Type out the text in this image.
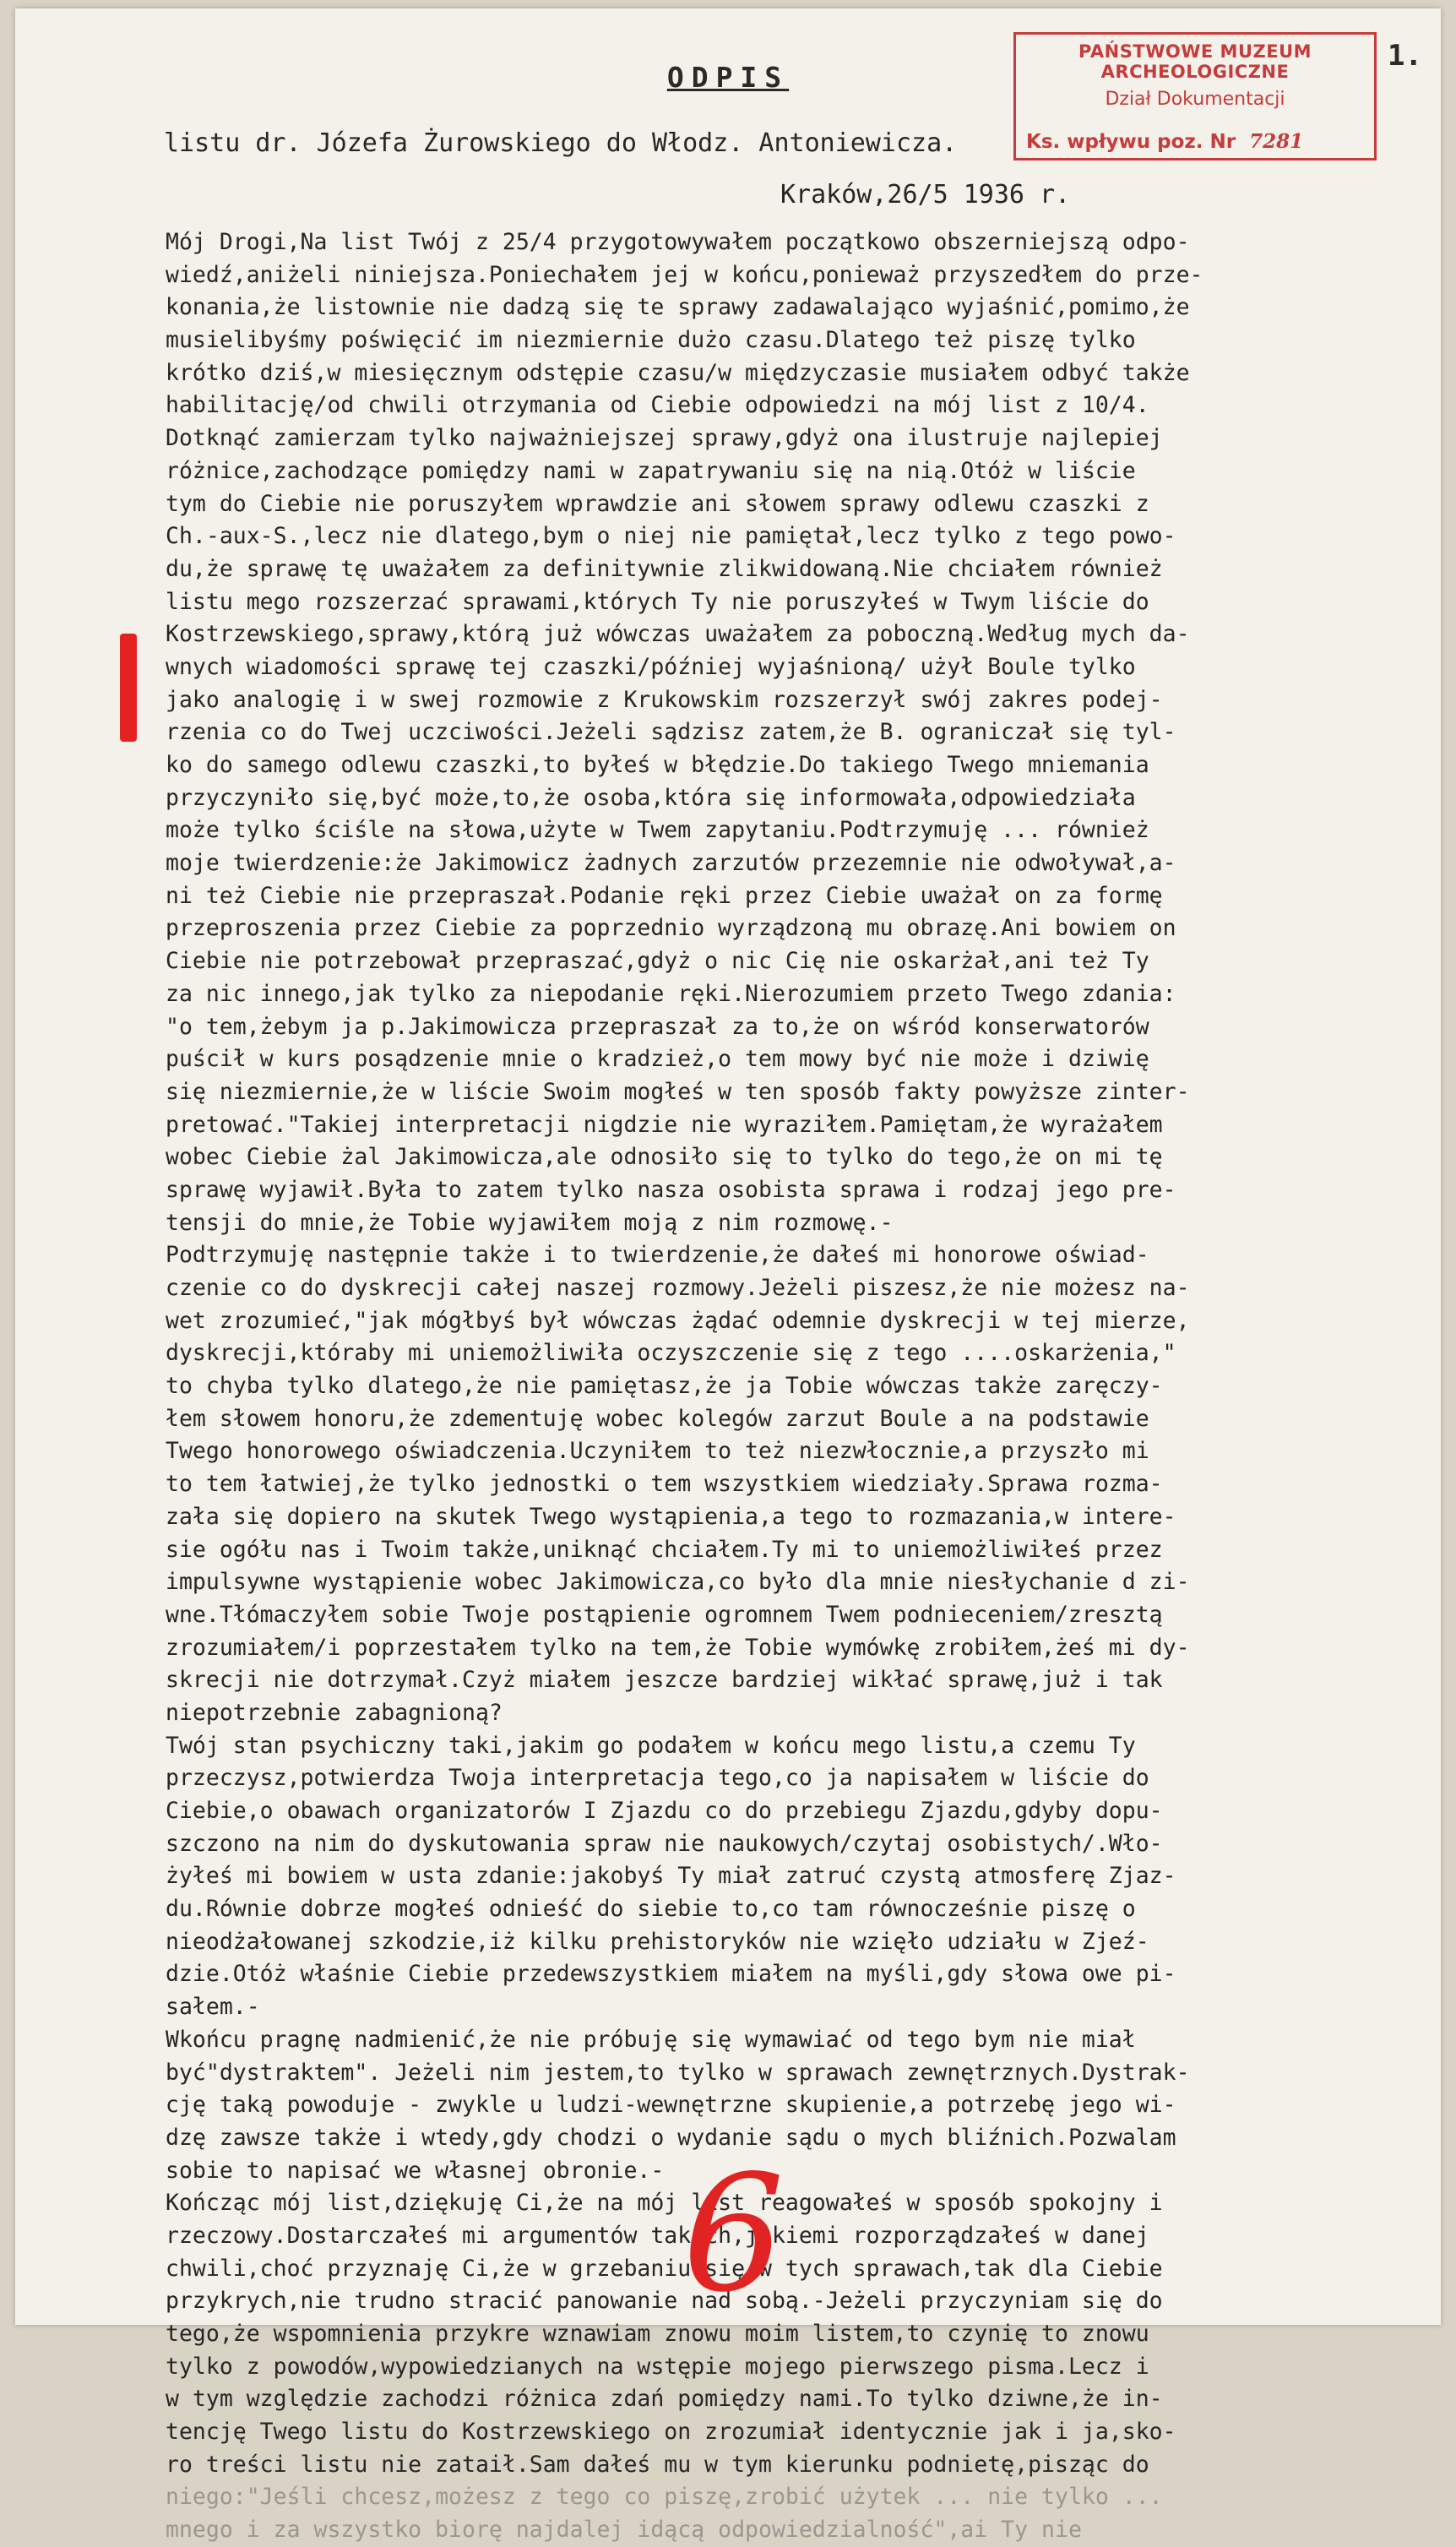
ODPIS
1.
PAŃSTWOWE MUZEUM ARCHEOLOGICZNE
Dział Dokumentacji
Ks. wpływu poz. Nr 7281
listu dr. Józefa Żurowskiego do Włodz. Antoniewicza.
Kraków,26/5 1936 r.
Mój Drogi,Na list Twój z 25/4 przygotowywałem początkowo obszerniejszą odpo-
wiedź,aniżeli niniejsza.Poniechałem jej w końcu,ponieważ przyszedłem do prze-
konania,że listownie nie dadzą się te sprawy zadawalająco wyjaśnić,pomimo,że
musielibyśmy poświęcić im niezmiernie dużo czasu.Dlatego też piszę tylko
krótko dziś,w miesięcznym odstępie czasu/w międzyczasie musiałem odbyć także
habilitację/od chwili otrzymania od Ciebie odpowiedzi na mój list z 10/4.
Dotknąć zamierzam tylko najważniejszej sprawy,gdyż ona ilustruje najlepiej
różnice,zachodzące pomiędzy nami w zapatrywaniu się na nią.Otóż w liście
tym do Ciebie nie poruszyłem wprawdzie ani słowem sprawy odlewu czaszki z
Ch.-aux-S.,lecz nie dlatego,bym o niej nie pamiętał,lecz tylko z tego powo-
du,że sprawę tę uważałem za definitywnie zlikwidowaną.Nie chciałem również
listu mego rozszerzać sprawami,których Ty nie poruszyłeś w Twym liście do
Kostrzewskiego,sprawy,którą już wówczas uważałem za poboczną.Według mych da-
wnych wiadomości sprawę tej czaszki/później wyjaśnioną/ użył Boule tylko
jako analogię i w swej rozmowie z Krukowskim rozszerzył swój zakres podej-
rzenia co do Twej uczciwości.Jeżeli sądzisz zatem,że B. ograniczał się tyl-
ko do samego odlewu czaszki,to byłeś w błędzie.Do takiego Twego mniemania
przyczyniło się,być może,to,że osoba,która się informowała,odpowiedziała
może tylko ściśle na słowa,użyte w Twem zapytaniu.Podtrzymuję ... również
moje twierdzenie:że Jakimowicz żadnych zarzutów przezemnie nie odwoływał,a-
ni też Ciebie nie przepraszał.Podanie ręki przez Ciebie uważał on za formę
przeproszenia przez Ciebie za poprzednio wyrządzoną mu obrazę.Ani bowiem on
Ciebie nie potrzebował przepraszać,gdyż o nic Cię nie oskarżał,ani też Ty
za nic innego,jak tylko za niepodanie ręki.Nierozumiem przeto Twego zdania:
"o tem,żebym ja p.Jakimowicza przepraszał za to,że on wśród konserwatorów
puścił w kurs posądzenie mnie o kradzież,o tem mowy być nie może i dziwię
się niezmiernie,że w liście Swoim mogłeś w ten sposób fakty powyższe zinter-
pretować."Takiej interpretacji nigdzie nie wyraziłem.Pamiętam,że wyrażałem
wobec Ciebie żal Jakimowicza,ale odnosiło się to tylko do tego,że on mi tę
sprawę wyjawił.Była to zatem tylko nasza osobista sprawa i rodzaj jego pre-
tensji do mnie,że Tobie wyjawiłem moją z nim rozmowę.-
Podtrzymuję następnie także i to twierdzenie,że dałeś mi honorowe oświad-
czenie co do dyskrecji całej naszej rozmowy.Jeżeli piszesz,że nie możesz na-
wet zrozumieć,"jak mógłbyś był wówczas żądać odemnie dyskrecji w tej mierze,
dyskrecji,któraby mi uniemożliwiła oczyszczenie się z tego ....oskarżenia,"
to chyba tylko dlatego,że nie pamiętasz,że ja Tobie wówczas także zaręczy-
łem słowem honoru,że zdementuję wobec kolegów zarzut Boule a na podstawie
Twego honorowego oświadczenia.Uczyniłem to też niezwłocznie,a przyszło mi
to tem łatwiej,że tylko jednostki o tem wszystkiem wiedziały.Sprawa rozma-
zała się dopiero na skutek Twego wystąpienia,a tego to rozmazania,w intere-
sie ogółu nas i Twoim także,uniknąć chciałem.Ty mi to uniemożliwiłeś przez
impulsywne wystąpienie wobec Jakimowicza,co było dla mnie niesłychanie d zi-
wne.Tłómaczyłem sobie Twoje postąpienie ogromnem Twem podnieceniem/zresztą
zrozumiałem/i poprzestałem tylko na tem,że Tobie wymówkę zrobiłem,żeś mi dy-
skrecji nie dotrzymał.Czyż miałem jeszcze bardziej wikłać sprawę,już i tak
niepotrzebnie zabagnioną?
Twój stan psychiczny taki,jakim go podałem w końcu mego listu,a czemu Ty
przeczysz,potwierdza Twoja interpretacja tego,co ja napisałem w liście do
Ciebie,o obawach organizatorów I Zjazdu co do przebiegu Zjazdu,gdyby dopu-
szczono na nim do dyskutowania spraw nie naukowych/czytaj osobistych/.Wło-
żyłeś mi bowiem w usta zdanie:jakobyś Ty miał zatruć czystą atmosferę Zjaz-
du.Równie dobrze mogłeś odnieść do siebie to,co tam równocześnie piszę o
nieodżałowanej szkodzie,iż kilku prehistoryków nie wzięło udziału w Zjeź-
dzie.Otóż właśnie Ciebie przedewszystkiem miałem na myśli,gdy słowa owe pi-
sałem.-
Wkońcu pragnę nadmienić,że nie próbuję się wymawiać od tego bym nie miał
być"dystraktem". Jeżeli nim jestem,to tylko w sprawach zewnętrznych.Dystrak-
cję taką powoduje - zwykle u ludzi-wewnętrzne skupienie,a potrzebę jego wi-
dzę zawsze także i wtedy,gdy chodzi o wydanie sądu o mych bliźnich.Pozwalam
sobie to napisać we własnej obronie.-
Kończąc mój list,dziękuję Ci,że na mój list reagowałeś w sposób spokojny i
rzeczowy.Dostarczałeś mi argumentów takich,jakiemi rozporządzałeś w danej
chwili,choć przyznaję Ci,że w grzebaniu się w tych sprawach,tak dla Ciebie
przykrych,nie trudno stracić panowanie nad sobą.-Jeżeli przyczyniam się do
tego,że wspomnienia przykre wznawiam znowu moim listem,to czynię to znowu
tylko z powodów,wypowiedzianych na wstępie mojego pierwszego pisma.Lecz i
w tym względzie zachodzi różnica zdań pomiędzy nami.To tylko dziwne,że in-
tencję Twego listu do Kostrzewskiego on zrozumiał identycznie jak i ja,sko-
ro treści listu nie zataił.Sam dałeś mu w tym kierunku podnietę,pisząc do
niego:"Jeśli chcesz,możesz z tego co piszę,zrobić użytek ... nie tylko ...
mnego i za wszystko biorę najdalej idącą odpowiedzialność",ai Ty nie
6
